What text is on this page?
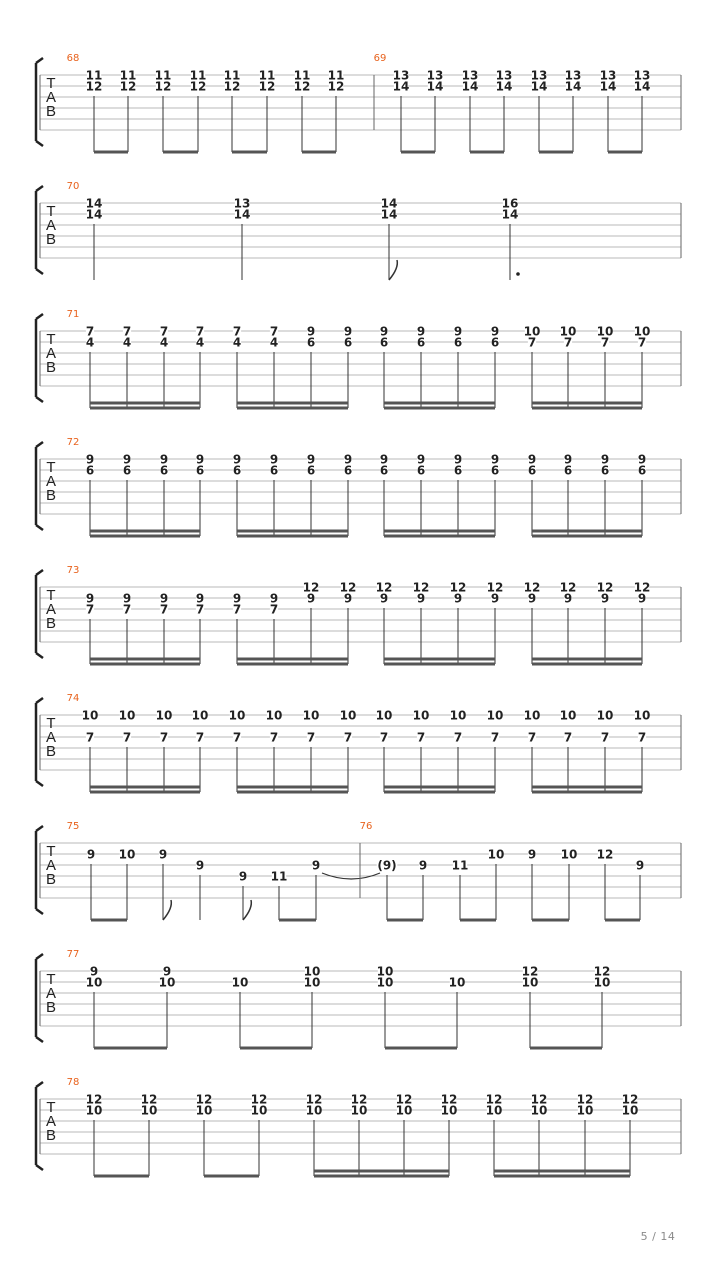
T
A
B
68
11
12
11
12
11
12
11
12
11
12
11
12
11
12
11
12
69
13
14
13
14
13
14
13
14
13
14
13
14
13
14
13
14
T
A
B
70
14
14
13
14
14
14
16
14
T
A
B
71
7
4
7
4
7
4
7
4
7
4
7
4
9
6
9
6
9
6
9
6
9
6
9
6
10
7
10
7
10
7
10
7
T
A
B
72
9
6
9
6
9
6
9
6
9
6
9
6
9
6
9
6
9
6
9
6
9
6
9
6
9
6
9
6
9
6
9
6
T
A
B
73
9
7
9
7
9
7
9
7
9
7
9
7
12
9
12
9
12
9
12
9
12
9
12
9
12
9
12
9
12
9
12
9
T
A
B
74
10
7
10
7
10
7
10
7
10
7
10
7
10
7
10
7
10
7
10
7
10
7
10
7
10
7
10
7
10
7
10
7
T
A
B
75
9 10 9
9
9 11
9
76
(9) 9 11
10 9 10 12
9
T
A
B
77
9
10
9
10	10
10
10
10
10	10
12
10
12
10
T
A
B
78
12
10
12
10
12
10
12
10
12
10
12
10
12
10
12
10
12
10
12
10
12
10
12
10
5 / 14
